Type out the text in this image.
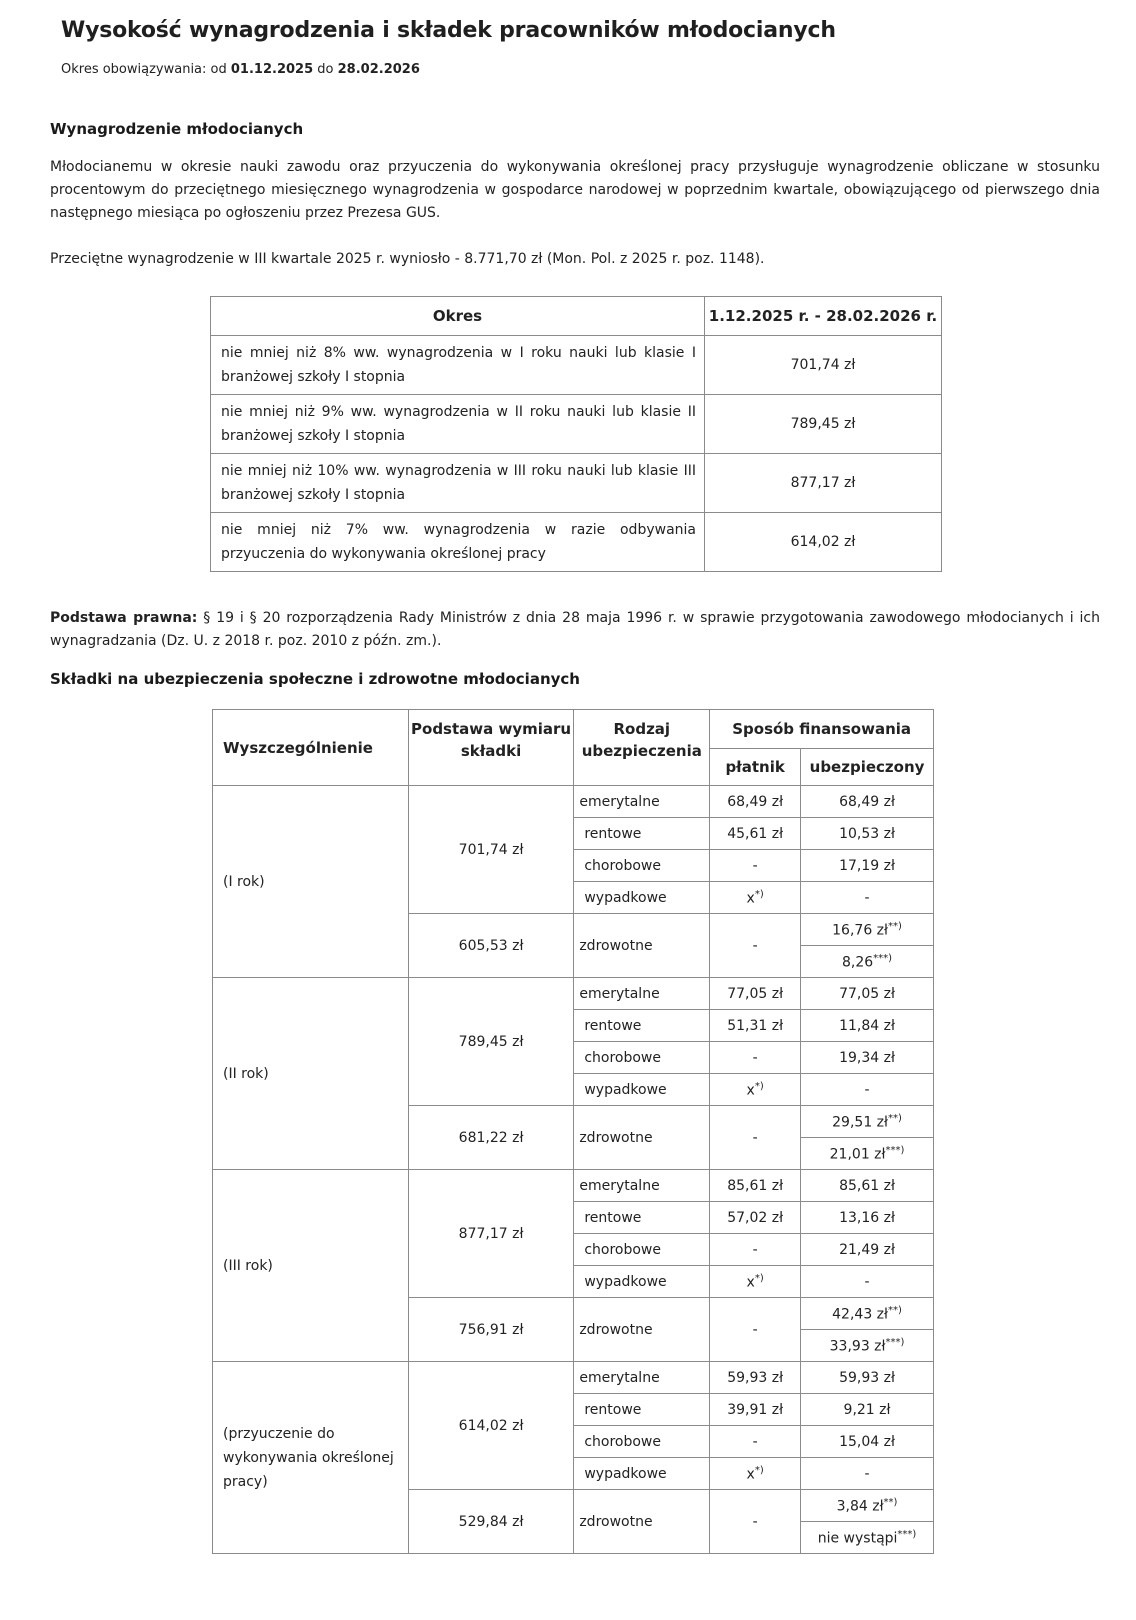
Wysokość wynagrodzenia i składek pracowników młodocianych
Okres obowiązywania: od 01.12.2025 do 28.02.2026
Wynagrodzenie młodocianych

Młodocianemu w okresie nauki zawodu oraz przyuczenia do wykonywania określonej pracy przysługuje wynagrodzenie obliczane w stosunku procentowym do przeciętnego miesięcznego wynagrodzenia w gospodarce narodowej w poprzednim kwartale, obowiązującego od pierwszego dnia następnego miesiąca po ogłoszeniu przez Prezesa GUS.

Przeciętne wynagrodzenie w III kwartale 2025 r. wyniosło - 8.771,70 zł (Mon. Pol. z 2025 r. poz. 1148).

Okres	1.12.2025 r. - 28.02.2026 r.
nie mniej niż 8% ww. wynagrodzenia w I roku nauki lub klasie I branżowej szkoły I stopnia	701,74 zł
nie mniej niż 9% ww. wynagrodzenia w II roku nauki lub klasie II branżowej szkoły I stopnia	789,45 zł
nie mniej niż 10% ww. wynagrodzenia w III roku nauki lub klasie III branżowej szkoły I stopnia	877,17 zł
nie mniej niż 7% ww. wynagrodzenia w razie odbywania przyuczenia do wykonywania określonej pracy	614,02 zł

Podstawa prawna: § 19 i § 20 rozporządzenia Rady Ministrów z dnia 28 maja 1996 r. w sprawie przygotowania zawodowego młodocianych i ich wynagradzania (Dz. U. z 2018 r. poz. 2010 z późn. zm.).

Składki na ubezpieczenia społeczne i zdrowotne młodocianych
Wyszczególnienie	Podstawa wymiaru składki	Rodzaj ubezpieczenia	Sposób finansowania	
			płatnik	ubezpieczony
(I rok)	701,74 zł	emerytalne	68,49 zł	68,49 zł
		rentowe	45,61 zł	10,53 zł
		chorobowe	-	17,19 zł
		wypadkowe	x*)	-
	605,53 zł	zdrowotne	-	16,76 zł**)
				8,26***)
(II rok)	789,45 zł	emerytalne	77,05 zł	77,05 zł
		rentowe	51,31 zł	11,84 zł
		chorobowe	-	19,34 zł
		wypadkowe	x*)	-
	681,22 zł	zdrowotne	-	29,51 zł**)
				21,01 zł***)
(III rok)	877,17 zł	emerytalne	85,61 zł	85,61 zł
		rentowe	57,02 zł	13,16 zł
		chorobowe	-	21,49 zł
		wypadkowe	x*)	-
	756,91 zł	zdrowotne	-	42,43 zł**)
				33,93 zł***)
(przyuczenie do wykonywania określonej pracy)	614,02 zł	emerytalne	59,93 zł	59,93 zł
		rentowe	39,91 zł	9,21 zł
		chorobowe	-	15,04 zł
		wypadkowe	x*)	-
	529,84 zł	zdrowotne	-	3,84 zł**)
				nie wystąpi***)
